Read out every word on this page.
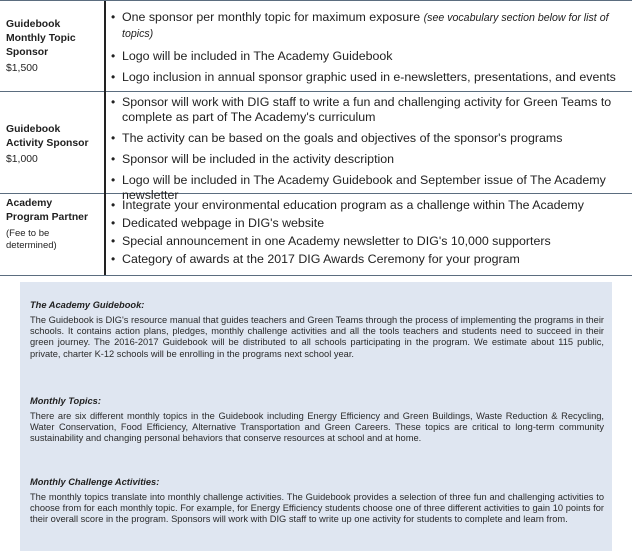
Guidebook Monthly Topic Sponsor
$1,500
• One sponsor per monthly topic for maximum exposure (see vocabulary section below for list of topics)
• Logo will be included in The Academy Guidebook
• Logo inclusion in annual sponsor graphic used in e-newsletters, presentations, and events
Guidebook Activity Sponsor
$1,000
• Sponsor will work with DIG staff to write a fun and challenging activity for Green Teams to complete as part of The Academy's curriculum
• The activity can be based on the goals and objectives of the sponsor's programs
• Sponsor will be included in the activity description
• Logo will be included in The Academy Guidebook and September issue of The Academy newsletter
Academy Program Partner
(Fee to be determined)
• Integrate your environmental education program as a challenge within The Academy
• Dedicated webpage in DIG's website
• Special announcement in one Academy newsletter to DIG's 10,000 supporters
• Category of awards at the 2017 DIG Awards Ceremony for your program
The Academy Guidebook:
The Guidebook is DIG's resource manual that guides teachers and Green Teams through the process of implementing the programs in their schools. It contains action plans, pledges, monthly challenge activities and all the tools teachers and students need to succeed in their green journey. The 2016-2017 Guidebook will be distributed to all schools participating in the program. We estimate about 115 public, private, charter K-12 schools will be enrolling in the programs next school year.
Monthly Topics:
There are six different monthly topics in the Guidebook including Energy Efficiency and Green Buildings, Waste Reduction & Recycling, Water Conservation, Food Efficiency, Alternative Transportation and Green Careers. These topics are critical to long-term community sustainability and changing personal behaviors that conserve resources at school and at home.
Monthly Challenge Activities:
The monthly topics translate into monthly challenge activities. The Guidebook provides a selection of three fun and challenging activities to choose from for each monthly topic. For example, for Energy Efficiency students choose one of three different activities to gain 10 points for their overall score in the program. Sponsors will work with DIG staff to write up one activity for students to complete and learn from.
